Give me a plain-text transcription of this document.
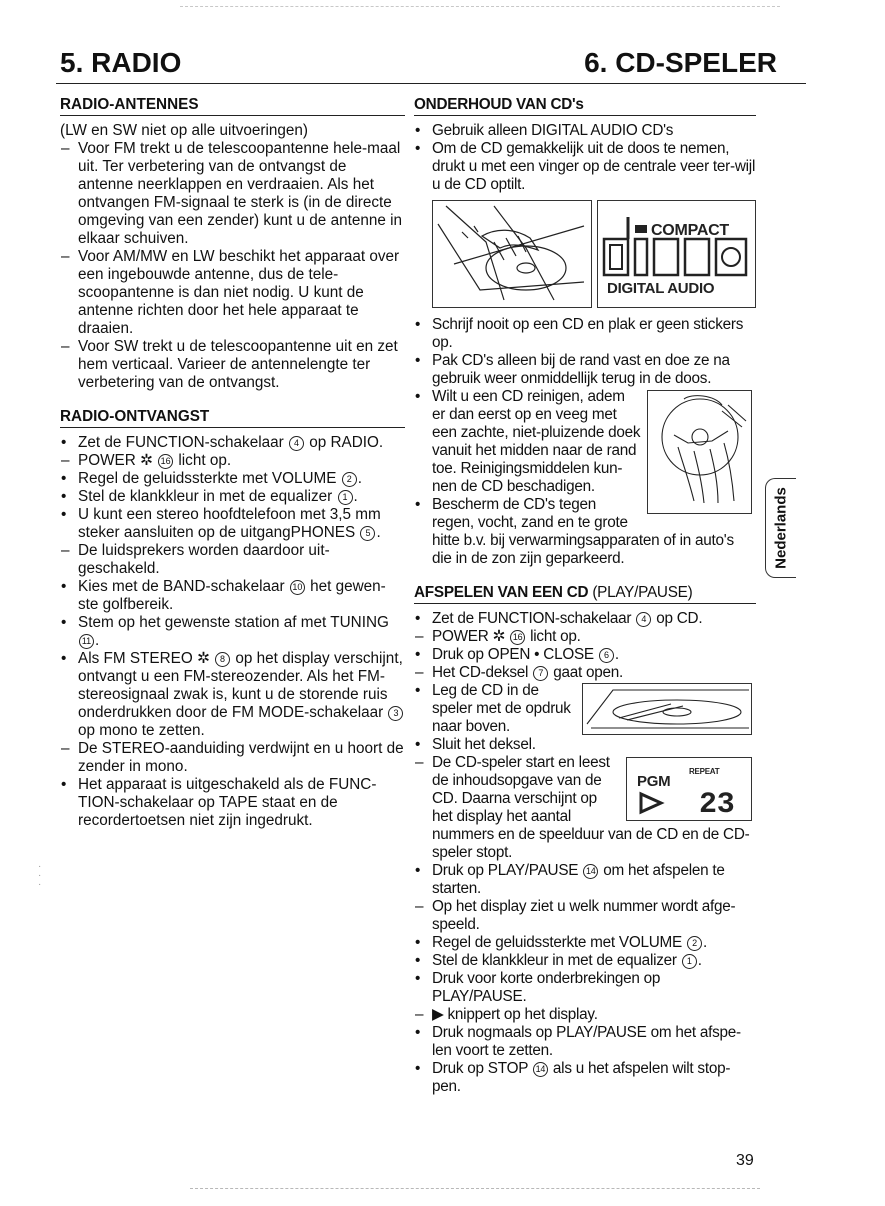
5. RADIO	6. CD-SPELER
RADIO-ANTENNES

(LW en SW niet op alle uitvoeringen)

– Voor FM trekt u de telescoopantenne hele-maal uit. Ter verbetering van de ontvangst de antenne neerklappen en verdraaien. Als het ontvangen FM-signaal te sterk is (in de directe omgeving van een zender) kunt u de antenne in elkaar schuiven.
– Voor AM/MW en LW beschikt het apparaat over een ingebouwde antenne, dus de tele-scoopantenne is dan niet nodig. U kunt de antenne richten door het hele apparaat te draaien.
– Voor SW trekt u de telescoopantenne uit en zet hem verticaal. Varieer de antennelengte ter verbetering van de ontvangst.
RADIO-ONTVANGST
• Zet de FUNCTION-schakelaar 4 op RADIO.
– POWER ✲ 16 licht op.
• Regel de geluidssterkte met VOLUME 2 .
• Stel de klankkleur in met de equalizer 1 .
• U kunt een stereo hoofdtelefoon met 3,5 mm steker aansluiten op de uitgangPHONES 5 .
– De luidsprekers worden daardoor uit-geschakeld.
• Kies met de BAND-schakelaar 10 het gewen-ste golfbereik.
• Stem op het gewenste station af met TUNING 11 .
• Als FM STEREO ✲ 8 op het display verschijnt, ontvangt u een FM-stereozender. Als het FM-stereosignaal zwak is, kunt u de storende ruis onderdrukken door de FM MODE-schakelaar 3 op mono te zetten.
– De STEREO-aanduiding verdwijnt en u hoort de zender in mono.
• Het apparaat is uitgeschakeld als de FUNC-TION-schakelaar op TAPE staat en de recordertoetsen niet zijn ingedrukt.
ONDERHOUD VAN CD's
• Gebruik alleen DIGITAL AUDIO CD's
• Om de CD gemakkelijk uit de doos te nemen, drukt u met een vinger op de centrale veer ter-wijl u de CD optilt.
COMPACT
DIGITAL AUDIO
• Schrijf nooit op een CD en plak er geen stickers op.
• Pak CD's alleen bij de rand vast en doe ze na gebruik weer onmiddellijk terug in de doos.
• Wilt u een CD reinigen, adem er dan eerst op en veeg met een zachte, niet-pluizende doek vanuit het midden naar de rand toe. Reinigingsmiddelen kun-nen de CD beschadigen.
• Bescherm de CD's tegen regen, vocht, zand en te grote hitte b.v. bij verwarmingsapparaten of in auto's die in de zon zijn geparkeerd.
AFSPELEN VAN EEN CD (PLAY/PAUSE)
• Zet de FUNCTION-schakelaar 4 op CD.
– POWER ✲ 16 licht op.
• Druk op OPEN • CLOSE 6 .
– Het CD-deksel 7 gaat open.
• Leg de CD in de speler met de opdruk naar boven.
• Sluit het deksel.
– PGM
REPEAT
23
De CD-speler start en leest de inhoudsopgave van de CD. Daarna verschijnt op het display het aantal nummers en de speelduur van de CD en de CD-speler stopt.
• Druk op PLAY/PAUSE 14 om het afspelen te starten.
– Op het display ziet u welk nummer wordt afge-speeld.
• Regel de geluidssterkte met VOLUME 2 .
• Stel de klankkleur in met de equalizer 1 .
• Druk voor korte onderbrekingen op PLAY/PAUSE.
– ▶ knippert op het display.
• Druk nogmaals op PLAY/PAUSE om het afspe-len voort te zetten.
• Druk op STOP 14 als u het afspelen wilt stop-pen.
Nederlands
39
·
·
·
